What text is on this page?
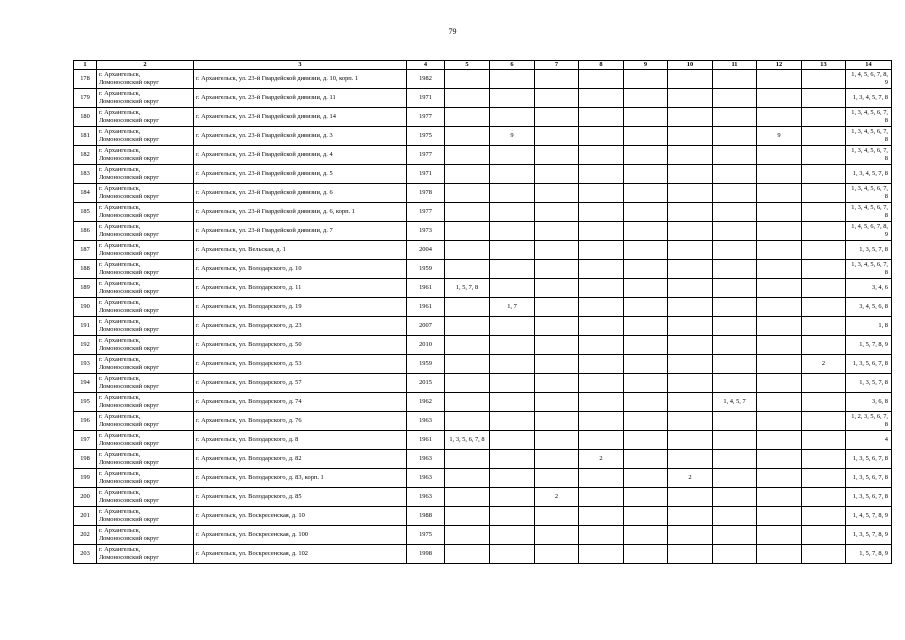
79
1	2	3	4	5	6	7	8	9	10	11	12	13	14
178	г. Архангельск,
Ломоносовский округ	г. Архангельск, ул. 23-й Гвардейской дивизии, д. 10, корп. 1	1982										1, 4, 5, 6, 7, 8, 9
179	г. Архангельск,
Ломоносовский округ	г. Архангельск, ул. 23-й Гвардейской дивизии, д. 11	1971										1, 3, 4, 5, 7, 8
180	г. Архангельск,
Ломоносовский округ	г. Архангельск, ул. 23-й Гвардейской дивизии, д. 14	1977										1, 3, 4, 5, 6, 7, 8
181	г. Архангельск,
Ломоносовский округ	г. Архангельск, ул. 23-й Гвардейской дивизии, д. 3	1975		9						9		1, 3, 4, 5, 6, 7, 8
182	г. Архангельск,
Ломоносовский округ	г. Архангельск, ул. 23-й Гвардейской дивизии, д. 4	1977										1, 3, 4, 5, 6, 7, 8
183	г. Архангельск,
Ломоносовский округ	г. Архангельск, ул. 23-й Гвардейской дивизии, д. 5	1971										1, 3, 4, 5, 7, 8
184	г. Архангельск,
Ломоносовский округ	г. Архангельск, ул. 23-й Гвардейской дивизии, д. 6	1978										1, 3, 4, 5, 6, 7, 8
185	г. Архангельск,
Ломоносовский округ	г. Архангельск, ул. 23-й Гвардейской дивизии, д. 6, корп. 1	1977										1, 3, 4, 5, 6, 7, 8
186	г. Архангельск,
Ломоносовский округ	г. Архангельск, ул. 23-й Гвардейской дивизии, д. 7	1973										1, 4, 5, 6, 7, 8, 9
187	г. Архангельск,
Ломоносовский округ	г. Архангельск, ул. Вельская, д. 1	2004										1, 3, 5, 7, 8
188	г. Архангельск,
Ломоносовский округ	г. Архангельск, ул. Володарского, д. 10	1959										1, 3, 4, 5, 6, 7, 8
189	г. Архангельск,
Ломоносовский округ	г. Архангельск, ул. Володарского, д. 11	1961	1, 5, 7, 8									3, 4, 6
190	г. Архангельск,
Ломоносовский округ	г. Архангельск, ул. Володарского, д. 19	1961		1, 7								3, 4, 5, 6, 8
191	г. Архангельск,
Ломоносовский округ	г. Архангельск, ул. Володарского, д. 23	2007										1, 8
192	г. Архангельск,
Ломоносовский округ	г. Архангельск, ул. Володарского, д. 50	2010										1, 5, 7, 8, 9
193	г. Архангельск,
Ломоносовский округ	г. Архангельск, ул. Володарского, д. 53	1959									2	1, 3, 5, 6, 7, 8
194	г. Архангельск,
Ломоносовский округ	г. Архангельск, ул. Володарского, д. 57	2015										1, 3, 5, 7, 8
195	г. Архангельск,
Ломоносовский округ	г. Архангельск, ул. Володарского, д. 74	1962							1, 4, 5, 7			3, 6, 8
196	г. Архангельск,
Ломоносовский округ	г. Архангельск, ул. Володарского, д. 76	1963										1, 2, 3, 5, 6, 7, 8
197	г. Архангельск,
Ломоносовский округ	г. Архангельск, ул. Володарского, д. 8	1961	1, 3, 5, 6, 7, 8									4
198	г. Архангельск,
Ломоносовский округ	г. Архангельск, ул. Володарского, д. 82	1963				2						1, 3, 5, 6, 7, 8
199	г. Архангельск,
Ломоносовский округ	г. Архангельск, ул. Володарского, д. 83, корп. 1	1963						2				1, 3, 5, 6, 7, 8
200	г. Архангельск,
Ломоносовский округ	г. Архангельск, ул. Володарского, д. 85	1963			2							1, 3, 5, 6, 7, 8
201	г. Архангельск,
Ломоносовский округ	г. Архангельск, ул. Воскресенская, д. 10	1988										1, 4, 5, 7, 8, 9
202	г. Архангельск,
Ломоносовский округ	г. Архангельск, ул. Воскресенская, д. 100	1975										1, 3, 5, 7, 8, 9
203	г. Архангельск,
Ломоносовский округ	г. Архангельск, ул. Воскресенская, д. 102	1998										1, 5, 7, 8, 9
